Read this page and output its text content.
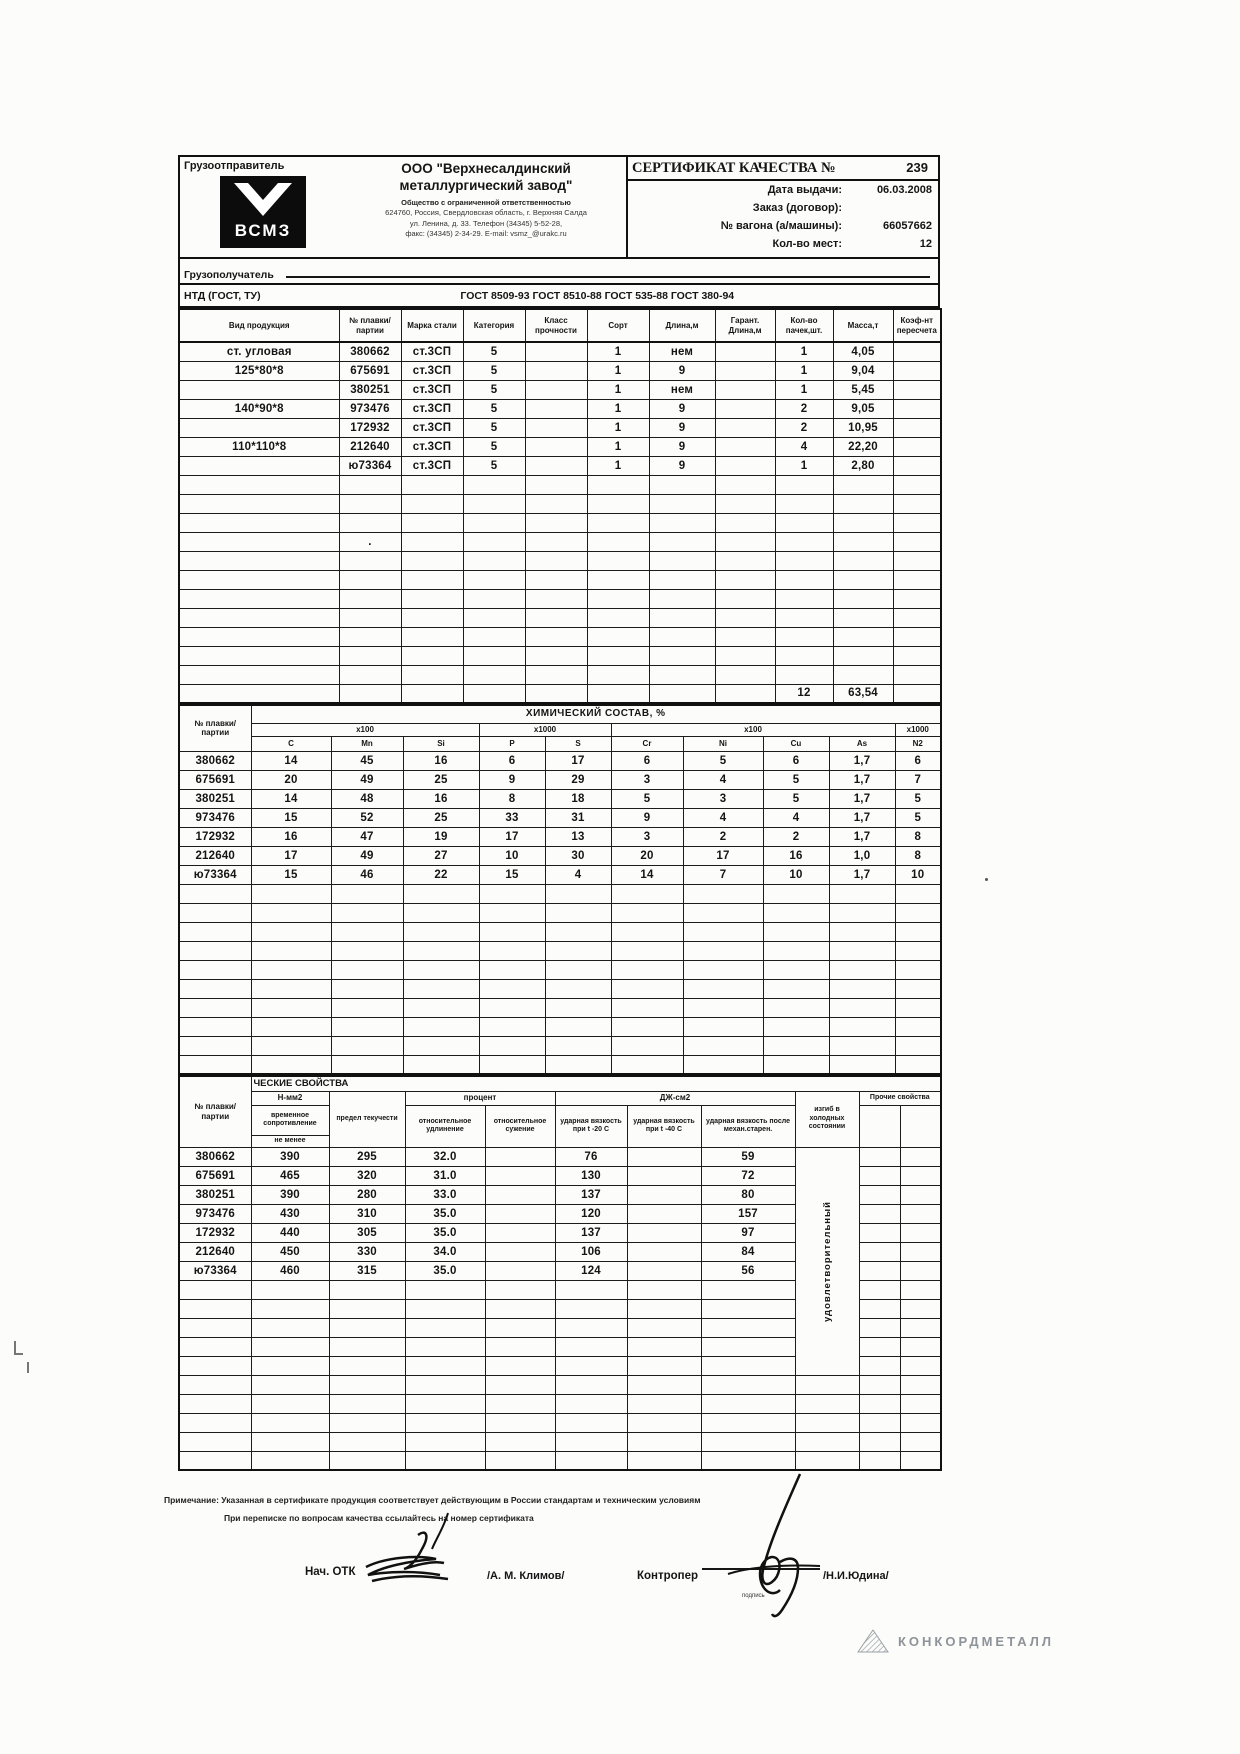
Грузоотправитель
ВСМЗ
ООО "Верхнесалдинский
металлургический завод"
Общество с ограниченной ответственностью
624760, Россия, Свердловская область, г. Верхняя Салда
ул. Ленина, д. 33. Телефон (34345) 5-52-28,
факс: (34345) 2-34-29. E-mail: vsmz_@urakc.ru
СЕРТИФИКАТ КАЧЕСТВА №	239
Дата выдачи:	06.03.2008
Заказ (договор):
№ вагона (а/машины):	66057662
Кол-во мест:	12
Грузополучатель
НТД (ГОСТ, ТУ)	ГОСТ 8509-93 ГОСТ 8510-88 ГОСТ 535-88 ГОСТ 380-94
Вид продукция	№ плавки/ партии	Марка стали	Категория	Класс прочности	Сорт	Длина,м	Гарант. Длина,м	Кол-во пачек,шт.	Масса,т	Коэф-нт пересчета
ст. угловая	380662	ст.3СП	5		1	нем		1	4,05	
125*80*8	675691	ст.3СП	5		1	9		1	9,04	
	380251	ст.3СП	5		1	нем		1	5,45	
140*90*8	973476	ст.3СП	5		1	9		2	9,05	
	172932	ст.3СП	5		1	9		2	10,95	
110*110*8	212640	ст.3СП	5		1	9		4	22,20	
	ю73364	ст.3СП	5		1	9		1	2,80	

	.									

								12	63,54	
№ плавки/ партии	ХИМИЧЕСКИЙ СОСТАВ, %									
	х100			х1000		х100				х1000
	C	Mn	Si	P	S	Cr	Ni	Cu	As	N2
380662	14	45	16	6	17	6	5	6	1,7	6
675691	20	49	25	9	29	3	4	5	1,7	7
380251	14	48	16	8	18	5	3	5	1,7	5
973476	15	52	25	33	31	9	4	4	1,7	5
172932	16	47	19	17	13	3	2	2	1,7	8
212640	17	49	27	10	30	20	17	16	1,0	8
ю73364	15	46	22	15	4	14	7	10	1,7	10

№ плавки/ партии	ЧЕСКИЕ СВОЙСТВА									
	Н-мм2	предел текучести	процент		ДЖ-см2			изгиб в холодных состоянии	Прочие свойства	
	временное сопротивление		относительное удлинение	относительное сужение	ударная вязкость при t -20 С	ударная вязкость при t -40 С	ударная вязкость после механ.старен.			
	не менее									
380662	390	295	32.0		76		59	удовлетворительный		

675691	465	320	31.0		130		72			
380251	390	280	33.0		137		80			
973476	430	310	35.0		120		157			
172932	440	305	35.0		137		97			
212640	450	330	34.0		106		84			
ю73364	460	315	35.0		124		56			

Примечание: Указанная в сертификате продукция соответствует действующим в России стандартам и техническим условиям
При переписке по вопросам качества ссылайтесь на номер сертификата
Нач. ОТК	/А. М. Климов/	Контропер
подпись
/Н.И.Юдина/
КОНКОРДМЕТАЛЛ
